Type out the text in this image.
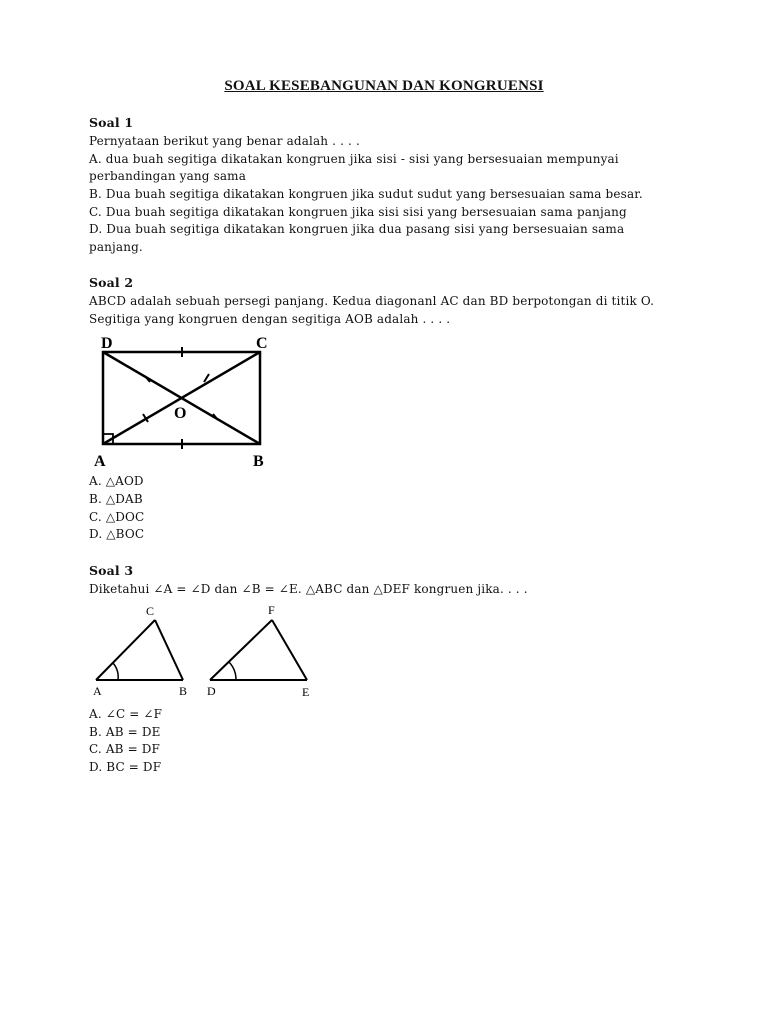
SOAL KESEBANGUNAN DAN KONGRUENSI
Soal 1
Pernyataan berikut yang benar adalah . . . .
A. dua buah segitiga dikatakan kongruen jika sisi - sisi yang bersesuaian mempunyai
perbandingan yang sama
B. Dua buah segitiga dikatakan kongruen jika sudut sudut yang bersesuaian sama besar.
C. Dua buah segitiga dikatakan kongruen jika sisi sisi yang bersesuaian sama panjang
D. Dua buah segitiga dikatakan kongruen jika dua pasang sisi yang bersesuaian sama
panjang.
Soal 2
ABCD adalah sebuah persegi panjang. Kedua diagonanl AC dan BD berpotongan di titik O.
Segitiga yang kongruen dengan segitiga AOB adalah . . . .
D	C
A	B
O
A. △AOD
B. △DAB
C. △DOC
D. △BOC
Soal 3
Diketahui ∠A = ∠D dan ∠B = ∠E. △ABC dan △DEF kongruen jika. . . .
C
A	B
F
D	E
A. ∠C = ∠F
B. AB = DE
C. AB = DF
D. BC = DF
